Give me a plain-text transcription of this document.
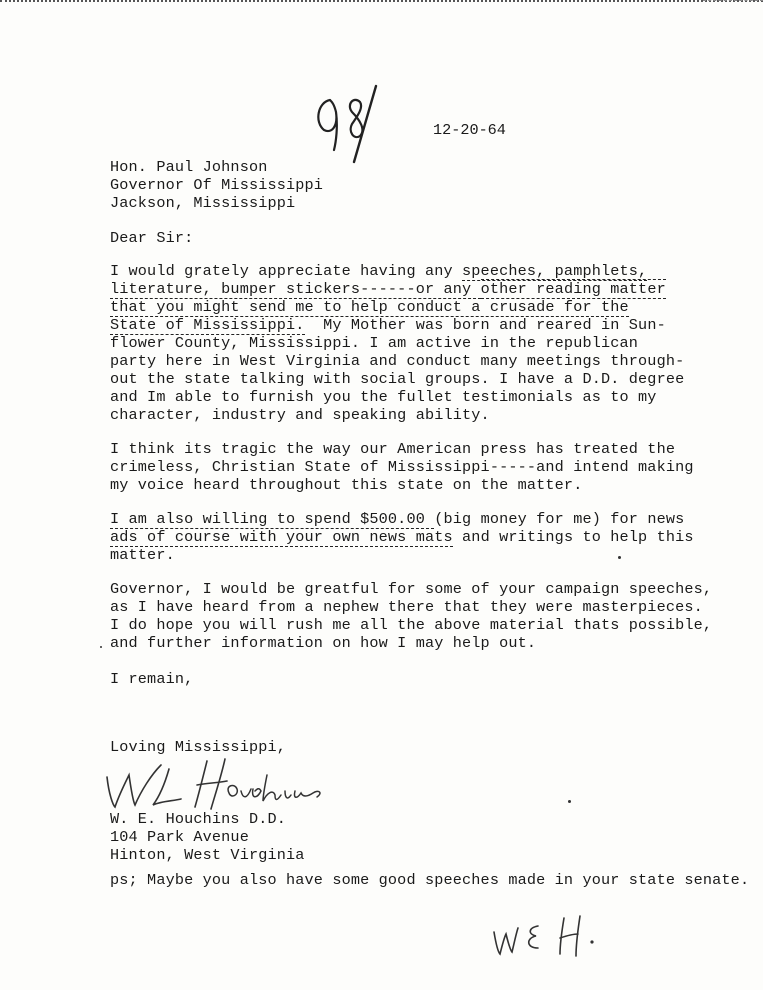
12-20-64
Hon. Paul Johnson
Governor Of Mississippi
Jackson, Mississippi
Dear Sir:
I would grately appreciate having any speeches, pamphlets,
literature, bumper stickers------or any other reading matter
that you might send me to help conduct a crusade for the
State of Mississippi.  My Mother was born and reared in Sun-
flower County, Mississippi. I am active in the republican
party here in West Virginia and conduct many meetings through-
out the state talking with social groups. I have a D.D. degree
and Im able to furnish you the fullet testimonials as to my
character, industry and speaking ability.
I think its tragic the way our American press has treated the
crimeless, Christian State of Mississippi-----and intend making
my voice heard throughout this state on the matter.
I am also willing to spend $500.00 (big money for me) for news
ads of course with your own news mats and writings to help this
matter.
Governor, I would be greatful for some of your campaign speeches,
as I have heard from a nephew there that they were masterpieces.
I do hope you will rush me all the above material thats possible,
and further information on how I may help out.
I remain,
Loving Mississippi,
W. E. Houchins D.D.
104 Park Avenue
Hinton, West Virginia
ps; Maybe you also have some good speeches made in your state senate.
